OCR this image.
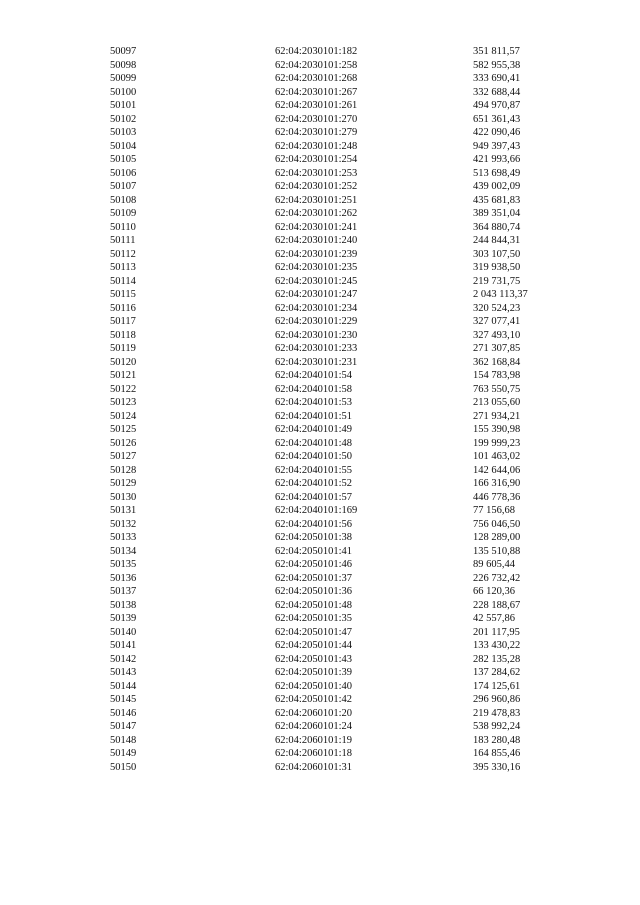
50097	62:04:2030101:182	351 811,57
50098	62:04:2030101:258	582 955,38
50099	62:04:2030101:268	333 690,41
50100	62:04:2030101:267	332 688,44
50101	62:04:2030101:261	494 970,87
50102	62:04:2030101:270	651 361,43
50103	62:04:2030101:279	422 090,46
50104	62:04:2030101:248	949 397,43
50105	62:04:2030101:254	421 993,66
50106	62:04:2030101:253	513 698,49
50107	62:04:2030101:252	439 002,09
50108	62:04:2030101:251	435 681,83
50109	62:04:2030101:262	389 351,04
50110	62:04:2030101:241	364 880,74
50111	62:04:2030101:240	244 844,31
50112	62:04:2030101:239	303 107,50
50113	62:04:2030101:235	319 938,50
50114	62:04:2030101:245	219 731,75
50115	62:04:2030101:247	2 043 113,37
50116	62:04:2030101:234	320 524,23
50117	62:04:2030101:229	327 077,41
50118	62:04:2030101:230	327 493,10
50119	62:04:2030101:233	271 307,85
50120	62:04:2030101:231	362 168,84
50121	62:04:2040101:54	154 783,98
50122	62:04:2040101:58	763 550,75
50123	62:04:2040101:53	213 055,60
50124	62:04:2040101:51	271 934,21
50125	62:04:2040101:49	155 390,98
50126	62:04:2040101:48	199 999,23
50127	62:04:2040101:50	101 463,02
50128	62:04:2040101:55	142 644,06
50129	62:04:2040101:52	166 316,90
50130	62:04:2040101:57	446 778,36
50131	62:04:2040101:169	77 156,68
50132	62:04:2040101:56	756 046,50
50133	62:04:2050101:38	128 289,00
50134	62:04:2050101:41	135 510,88
50135	62:04:2050101:46	89 605,44
50136	62:04:2050101:37	226 732,42
50137	62:04:2050101:36	66 120,36
50138	62:04:2050101:48	228 188,67
50139	62:04:2050101:35	42 557,86
50140	62:04:2050101:47	201 117,95
50141	62:04:2050101:44	133 430,22
50142	62:04:2050101:43	282 135,28
50143	62:04:2050101:39	137 284,62
50144	62:04:2050101:40	174 125,61
50145	62:04:2050101:42	296 960,86
50146	62:04:2060101:20	219 478,83
50147	62:04:2060101:24	538 992,24
50148	62:04:2060101:19	183 280,48
50149	62:04:2060101:18	164 855,46
50150	62:04:2060101:31	395 330,16
